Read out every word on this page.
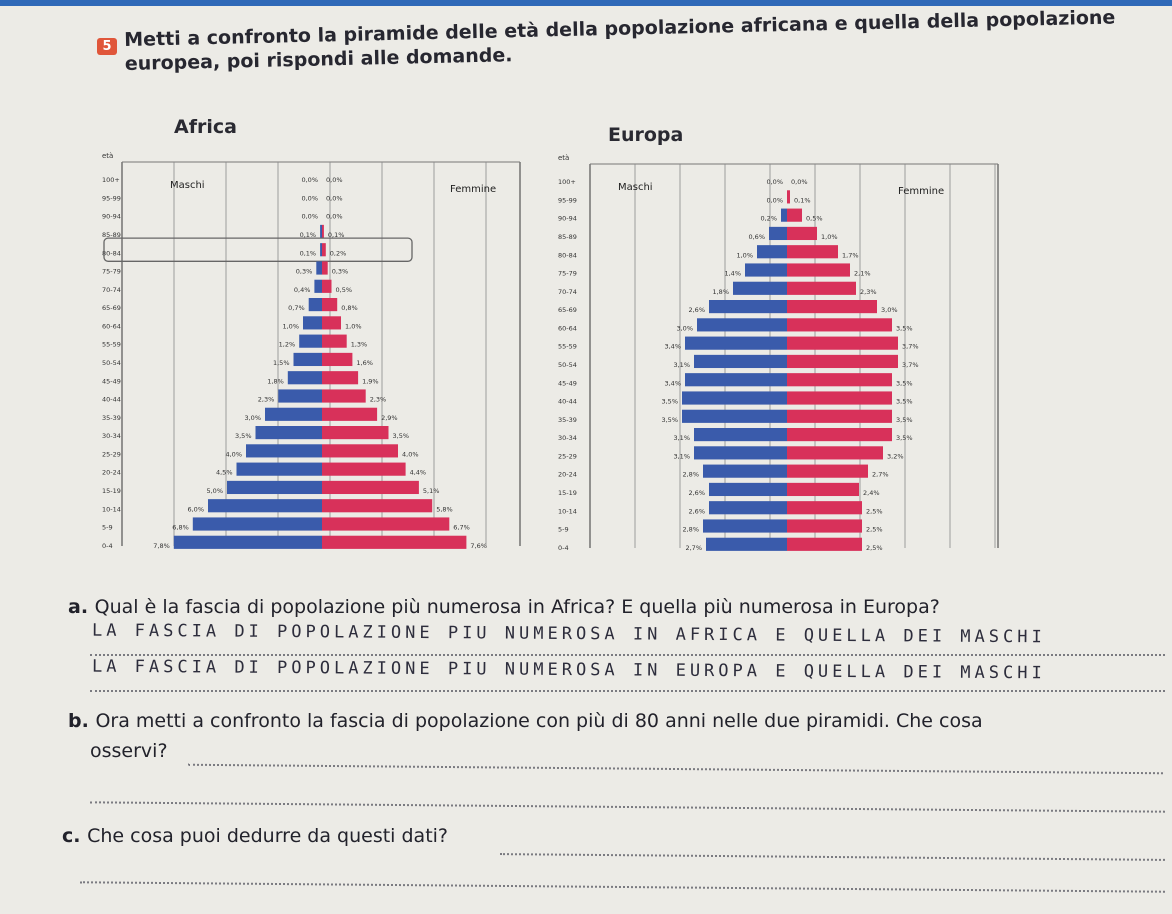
5 Metti a confronto la piramide delle età della popolazione africana e quella della popolazione
europea, poi rispondi alle domande.
Africa	Europa
età
Maschi	Femmine
100+	0,0% 0,0%
95-99	0,0% 0,0%
90-94	0,0% 0,0%
85-89	0,1% 0,1%
80-84	0,1% 0,2%
75-79	0,3%	0,3%
70-74	0,4%	0,5%
65-69	0,7%	0,8%
60-64	1,0%	1,0%
55-59	1,2%	1,3%
50-54	1,5%	1,6%
45-49	1,8%	1,9%
40-44	2,3%	2,3%
35-39	3,0%	2,9%
30-34	3,5%	3,5%
25-29	4,0%	4,0%
20-24	4,5%	4,4%
15-19	5,0%	5,1%
10-14	6,0%	5,8%
5-9	6,8%	6,7%
0-4	7,8%	7,6%
età
Maschi	Femmine
100+	0,0% 0,0%
95-99	0,0% 0,1%
90-94	0,2%	0,5%
85-89	0,6%	1,0%
80-84	1,0%	1,7%
75-79	1,4%	2,1%
70-74	1,8%	2,3%
65-69	2,6%	3,0%
60-64	3,0%	3,5%
55-59	3,4%	3,7%
50-54	3,1%	3,7%
45-49	3,4%	3,5%
40-44	3,5%	3,5%
35-39	3,5%	3,5%
30-34	3,1%	3,5%
25-29	3,1%	3,2%
20-24	2,8%	2,7%
15-19	2,6%	2,4%
10-14	2,6%	2,5%
5-9	2,8%	2,5%
0-4	2,7%	2,5%
a. Qual è la fascia di popolazione più numerosa in Africa? E quella più numerosa in Europa?
LA FASCIA DI POPOLAZIONE PIU NUMEROSA IN AFRICA E QUELLA DEI MASCHI
LA FASCIA DI POPOLAZIONE PIU NUMEROSA IN EUROPA E QUELLA DEI MASCHI
b. Ora metti a confronto la fascia di popolazione con più di 80 anni nelle due piramidi. Che cosa
osservi?
c. Che cosa puoi dedurre da questi dati?
